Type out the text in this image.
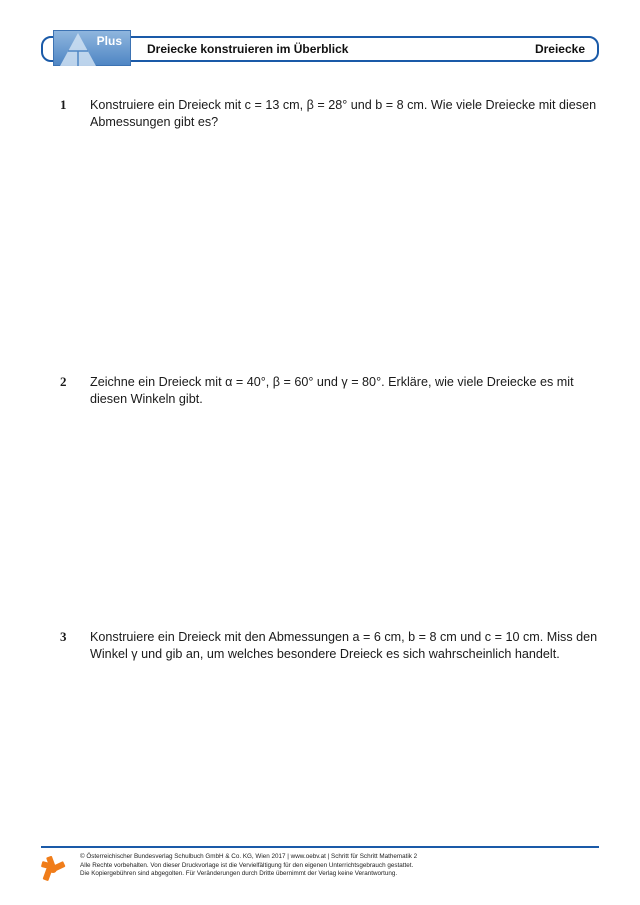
Dreiecke konstruieren im Überblick	Dreiecke
Plus
1	Konstruiere ein Dreieck mit c = 13 cm, β = 28° und b = 8 cm. Wie viele Dreiecke mit diesen Abmessungen gibt es?
2	Zeichne ein Dreieck mit α = 40°, β = 60° und γ = 80°. Erkläre, wie viele Dreiecke es mit diesen Winkeln gibt.
3	Konstruiere ein Dreieck mit den Abmessungen a = 6 cm, b = 8 cm und c = 10 cm. Miss den Winkel γ und gib an, um welches besondere Dreieck es sich wahrscheinlich handelt.
© Österreichischer Bundesverlag Schulbuch GmbH & Co. KG, Wien 2017 | www.oebv.at | Schritt für Schritt Mathematik 2
Alle Rechte vorbehalten. Von dieser Druckvorlage ist die Vervielfältigung für den eigenen Unterrichtsgebrauch gestattet.
Die Kopiergebühren sind abgegolten. Für Veränderungen durch Dritte übernimmt der Verlag keine Verantwortung.
